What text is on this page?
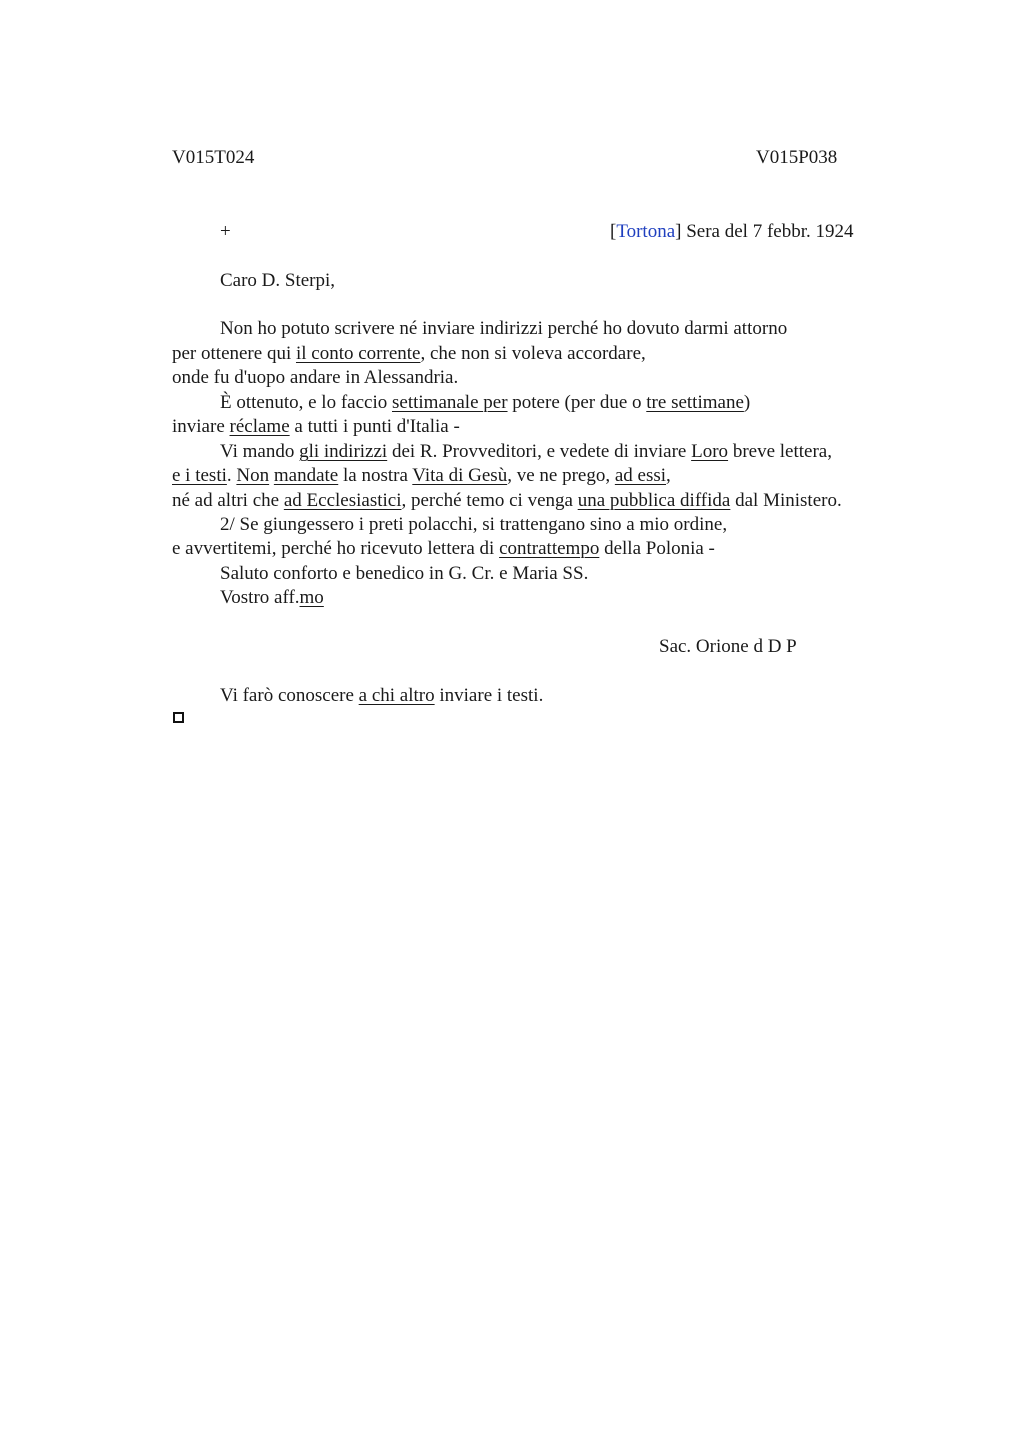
V015T024	V015P038
+	[Tortona] Sera del 7 febbr. 1924
Caro D. Sterpi,
Non ho potuto scrivere né inviare indirizzi perché ho dovuto darmi attorno
per ottenere qui il conto corrente, che non si voleva accordare,
onde fu d'uopo andare in Alessandria.
È ottenuto, e lo faccio settimanale per potere (per due o tre settimane)
inviare réclame a tutti i punti d'Italia -
Vi mando gli indirizzi dei R. Provveditori, e vedete di inviare Loro breve lettera,
e i testi. Non mandate la nostra Vita di Gesù, ve ne prego, ad essi,
né ad altri che ad Ecclesiastici, perché temo ci venga una pubblica diffida dal Ministero.
2/ Se giungessero i preti polacchi, si trattengano sino a mio ordine,
e avvertitemi, perché ho ricevuto lettera di contrattempo della Polonia -
Saluto conforto e benedico in G. Cr. e Maria SS.
Vostro aff.mo
Sac. Orione d D P
Vi farò conoscere a chi altro inviare i testi.
